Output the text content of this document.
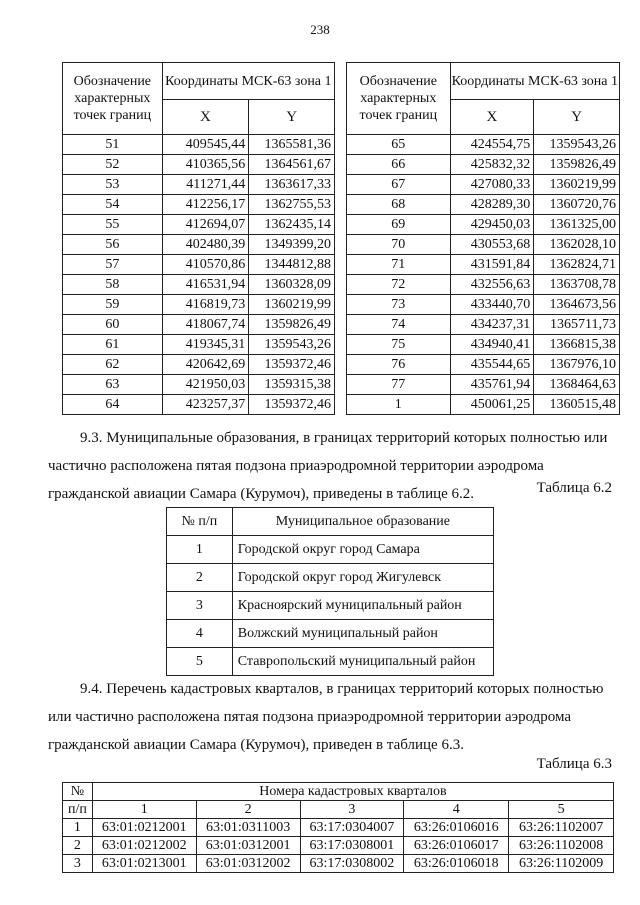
238
Обозначение характерных точек границ	Координаты МСК-63 зона 1	
	X	Y
51	409545,44	1365581,36
52	410365,56	1364561,67
53	411271,44	1363617,33
54	412256,17	1362755,53
55	412694,07	1362435,14
56	402480,39	1349399,20
57	410570,86	1344812,88
58	416531,94	1360328,09
59	416819,73	1360219,99
60	418067,74	1359826,49
61	419345,31	1359543,26
62	420642,69	1359372,46
63	421950,03	1359315,38
64	423257,37	1359372,46
Обозначение характерных точек границ	Координаты МСК-63 зона 1	
	X	Y
65	424554,75	1359543,26
66	425832,32	1359826,49
67	427080,33	1360219,99
68	428289,30	1360720,76
69	429450,03	1361325,00
70	430553,68	1362028,10
71	431591,84	1362824,71
72	432556,63	1363708,78
73	433440,70	1364673,56
74	434237,31	1365711,73
75	434940,41	1366815,38
76	435544,65	1367976,10
77	435761,94	1368464,63
1	450061,25	1360515,48
9.3. Муниципальные образования, в границах территорий которых полностью или
частично расположена пятая подзона приаэродромной территории аэродрома
гражданской авиации Самара (Курумоч), приведены в таблице 6.2.	Таблица 6.2
№ п/п	Муниципальное образование
1	Городской округ город Самара
2	Городской округ город Жигулевск
3	Красноярский муниципальный район
4	Волжский муниципальный район
5	Ставропольский муниципальный район
9.4. Перечень кадастровых кварталов, в границах территорий которых полностью
или частично расположена пятая подзона приаэродромной территории аэродрома
гражданской авиации Самара (Курумоч), приведен в таблице 6.3.
Таблица 6.3
№	Номера кадастровых кварталов				
п/п	1	2	3	4	5
1	63:01:0212001	63:01:0311003	63:17:0304007	63:26:0106016	63:26:1102007
2	63:01:0212002	63:01:0312001	63:17:0308001	63:26:0106017	63:26:1102008
3	63:01:0213001	63:01:0312002	63:17:0308002	63:26:0106018	63:26:1102009
